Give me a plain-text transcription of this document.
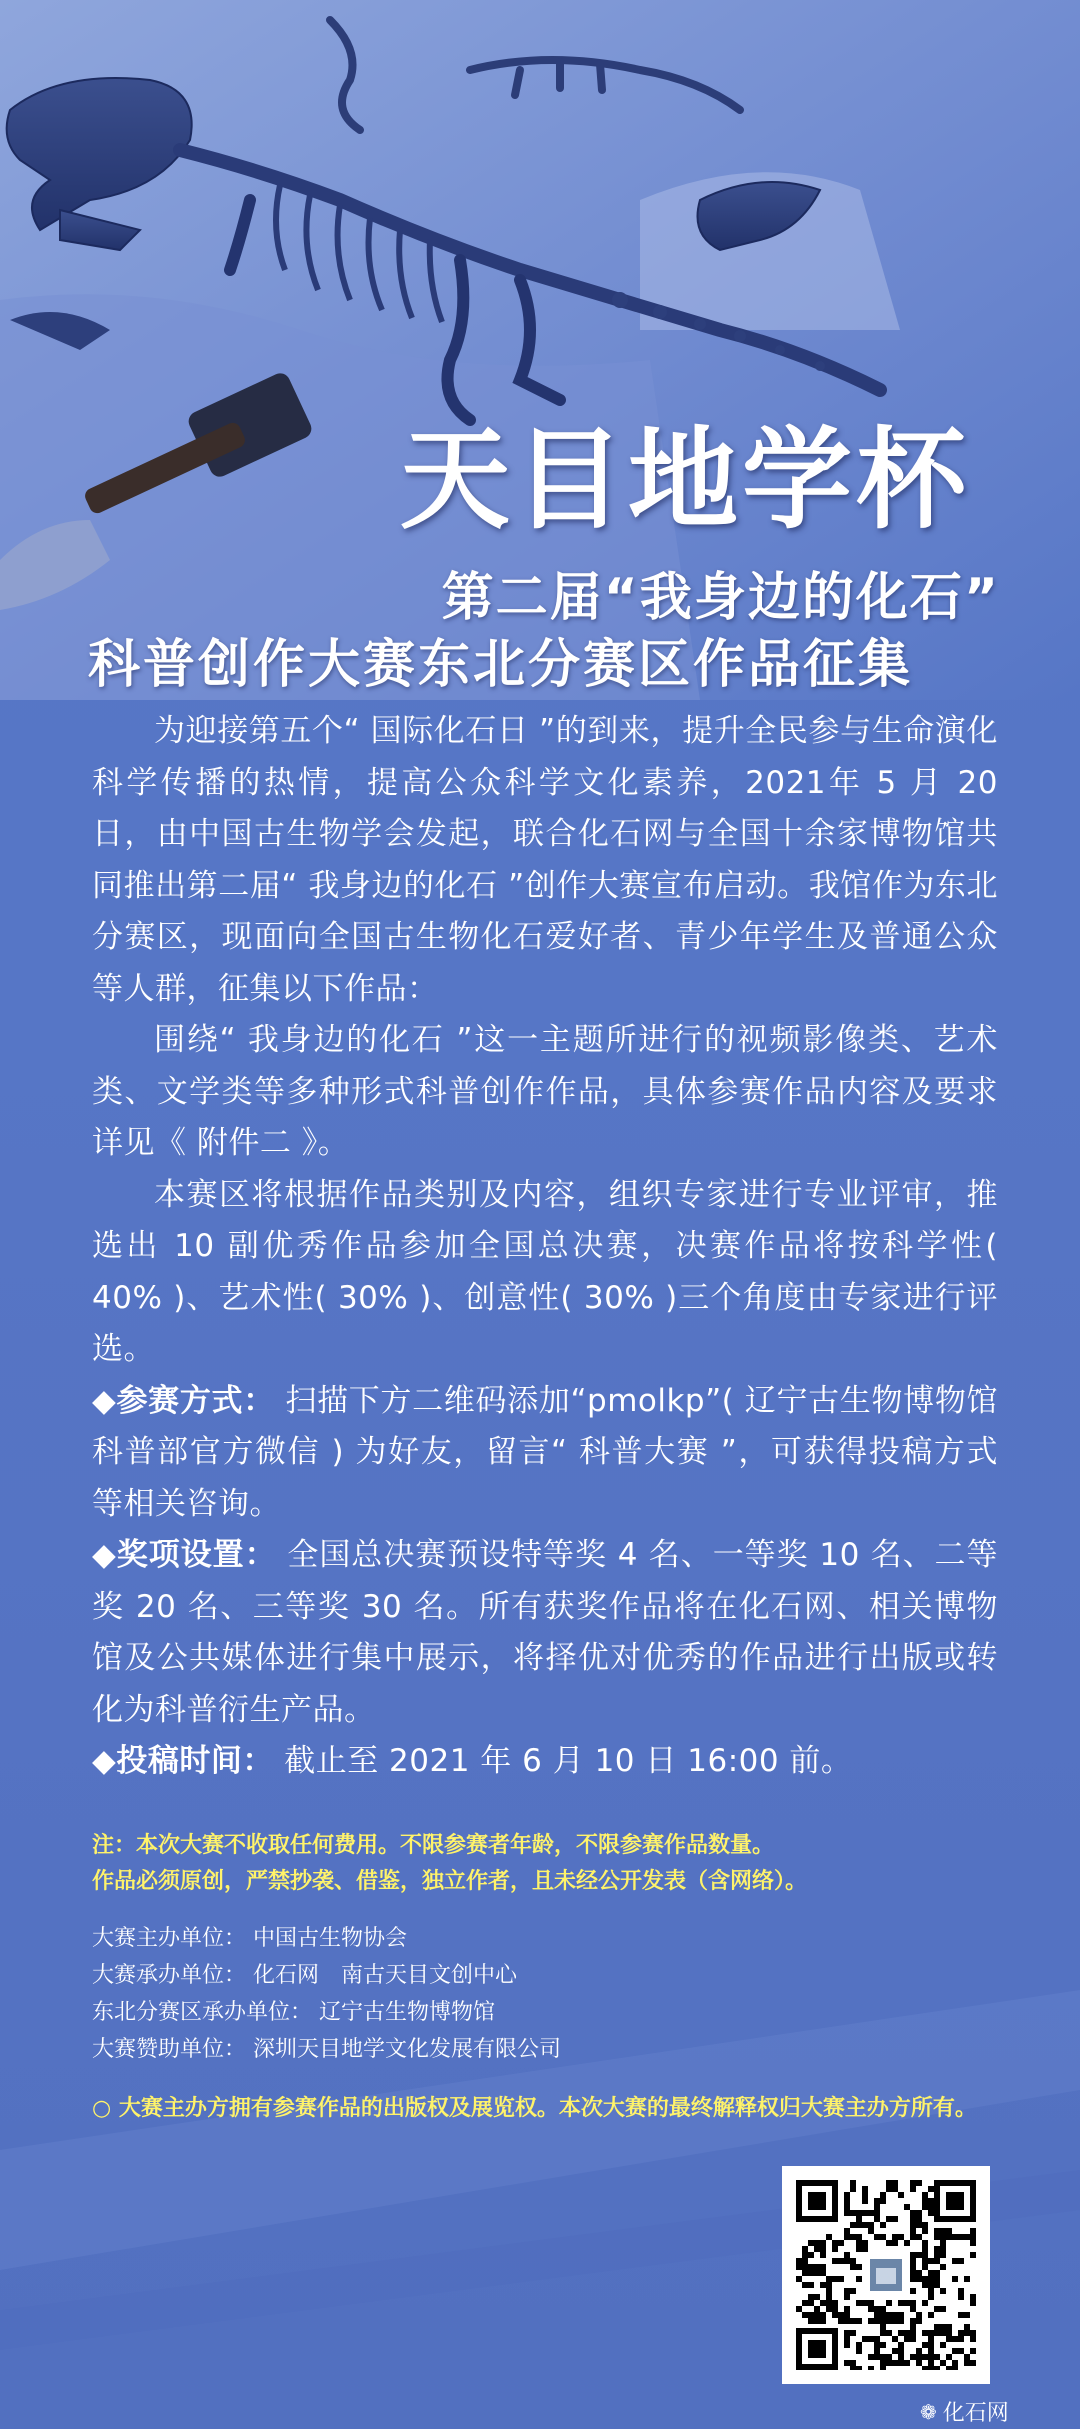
天目地学杯
第二届“我身边的化石”
科普创作大赛东北分赛区作品征集

为迎接第五个“ 国际化石日 ”的到来，提升全民参与生命演化科学传播的热情，提高公众科学文化素养，2021年 5 月 20 日，由中国古生物学会发起，联合化石网与全国十余家博物馆共同推出第二届“ 我身边的化石 ”创作大赛宣布启动。我馆作为东北分赛区，现面向全国古生物化石爱好者、青少年学生及普通公众等人群，征集以下作品：

围绕“ 我身边的化石 ”这一主题所进行的视频影像类、艺术类、文学类等多种形式科普创作作品，具体参赛作品内容及要求详见《 附件二 》。

本赛区将根据作品类别及内容，组织专家进行专业评审，推选出 10 副优秀作品参加全国总决赛，决赛作品将按科学性( 40% )、艺术性( 30% )、创意性( 30% )三个角度由专家进行评选。

◆参赛方式： 扫描下方二维码添加“pmolkp”( 辽宁古生物博物馆科普部官方微信 ) 为好友，留言“ 科普大赛 ”，可获得投稿方式等相关咨询。

◆奖项设置： 全国总决赛预设特等奖 4 名、一等奖 10 名、二等奖 20 名、三等奖 30 名。所有获奖作品将在化石网、相关博物馆及公共媒体进行集中展示，将择优对优秀的作品进行出版或转化为科普衍生产品。

◆投稿时间： 截止至 2021 年 6 月 10 日 16:00 前。

注：本次大赛不收取任何费用。不限参赛者年龄，不限参赛作品数量。
作品必须原创，严禁抄袭、借鉴，独立作者，且未经公开发表（含网络）。
大赛主办单位： 中国古生物协会
大赛承办单位： 化石网　南古天目文创中心
东北分赛区承办单位： 辽宁古生物博物馆
大赛赞助单位： 深圳天目地学文化发展有限公司
○ 大赛主办方拥有参赛作品的出版权及展览权。本次大赛的最终解释权归大赛主办方所有。
❁ 化石网
